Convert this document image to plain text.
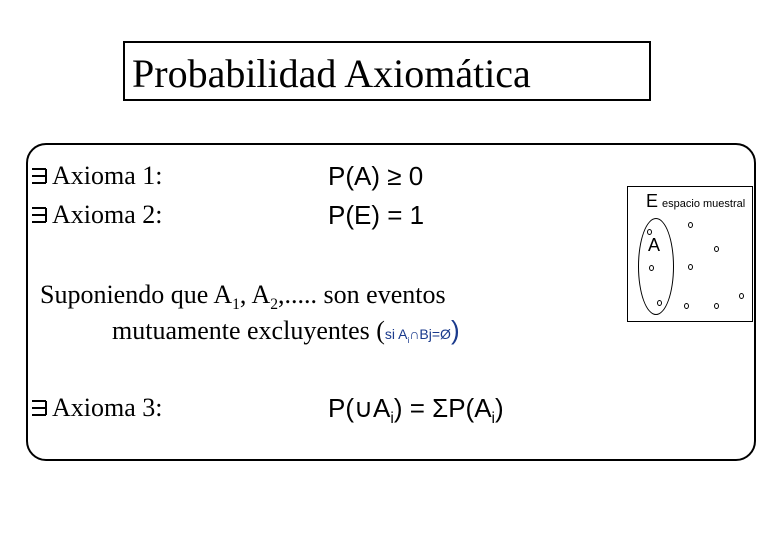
Probabilidad Axiomática
Axioma 1:	P(A) ≥ 0
Axioma 2:	P(E) = 1
Suponiendo que $A_1$, $A_2$,..... son eventos
mutuamente excluyentes (si $A_i\cap Bj=Ø$)
Axioma 3:	$P(\cup A_i) = \Sigma P(A_i)$
Eespacio muestral
A
